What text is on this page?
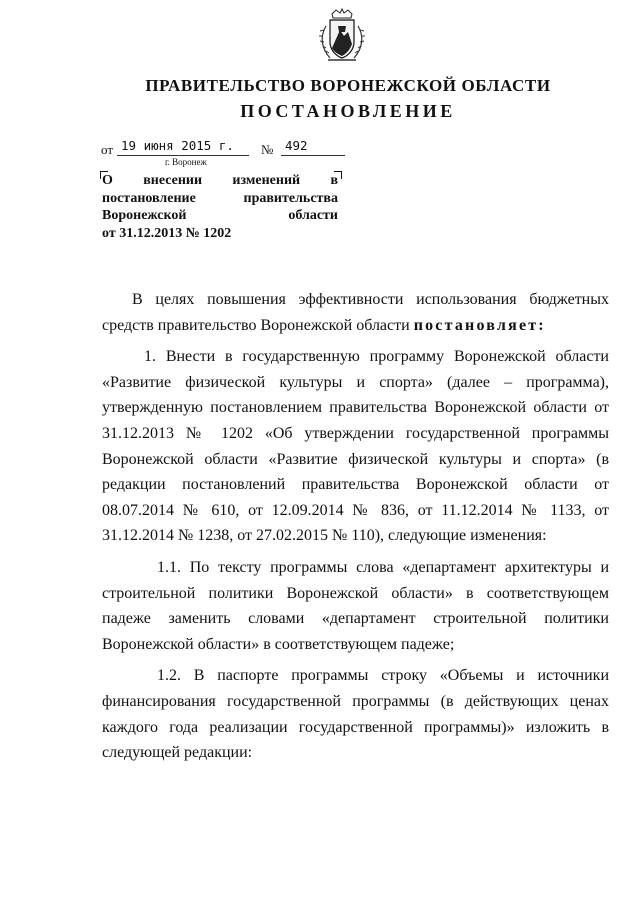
ПРАВИТЕЛЬСТВО ВОРОНЕЖСКОЙ ОБЛАСТИ
ПОСТАНОВЛЕНИЕ
от 19 июня 2015 г. № 492
г. Воронеж
О внесении изменений в
постановление правительства
Воронежской области
от 31.12.2013 № 1202

В целях повышения эффективности использования бюджетных средств правительство Воронежской области постановляет:

1. Внести в государственную программу Воронежской области «Развитие физической культуры и спорта» (далее – программа), утвержденную постановлением правительства Воронежской области от 31.12.2013 № 1202 «Об утверждении государственной программы Воронежской области «Развитие физической культуры и спорта» (в редакции постановлений правительства Воронежской области от 08.07.2014 № 610, от 12.09.2014 № 836, от 11.12.2014 № 1133, от 31.12.2014 № 1238, от 27.02.2015 № 110), следующие изменения:

1.1. По тексту программы слова «департамент архитектуры и строительной политики Воронежской области» в соответствующем падеже заменить словами «департамент строительной политики Воронежской области» в соответствующем падеже;

1.2. В паспорте программы строку «Объемы и источники финансирования государственной программы (в действующих ценах каждого года реализации государственной программы)» изложить в следующей редакции:
